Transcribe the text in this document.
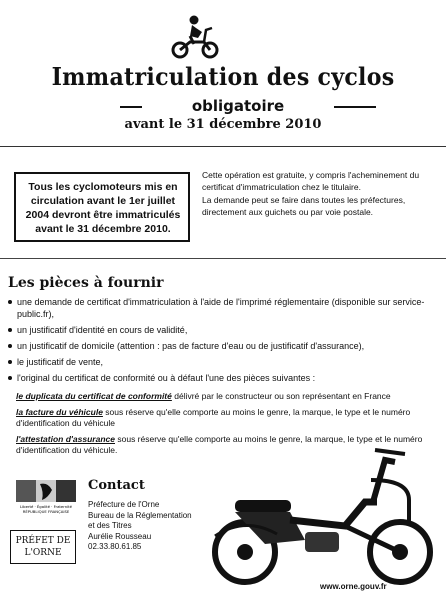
Immatriculation des cyclos
obligatoire
avant le 31 décembre 2010
Tous les cyclomoteurs mis en circulation avant le 1er juillet 2004 devront être immatriculés avant le 31 décembre 2010.

Cette opération est gratuite, y compris l'acheminement du certificat d'immatriculation chez le titulaire.

La demande peut se faire dans toutes les préfectures, directement aux guichets ou par voie postale.

Les pièces à fournir
une demande de certificat d'immatriculation à l'aide de l'imprimé réglementaire (disponible sur service-public.fr),
un justificatif d'identité en cours de validité,
un justificatif de domicile (attention : pas de facture d'eau ou de justificatif d'assurance),
le justificatif de vente,
l'original du certificat de conformité ou à défaut l'une des pièces suivantes :

le duplicata du certificat de conformité délivré par le constructeur ou son représentant en France

la facture du véhicule sous réserve qu'elle comporte au moins le genre, la marque, le type et le numéro d'identification du véhicule

l'attestation d'assurance sous réserve qu'elle comporte au moins le genre, la marque, le type et le numéro d'identification du véhicule.

Liberté · Égalité · Fraternité
RÉPUBLIQUE FRANÇAISE
PRÉFET DE
L'ORNE
Contact
Préfecture de l'Orne
Bureau de la Réglementation
et des Titres
Aurélie Rousseau
02.33.80.61.85
www.orne.gouv.fr
